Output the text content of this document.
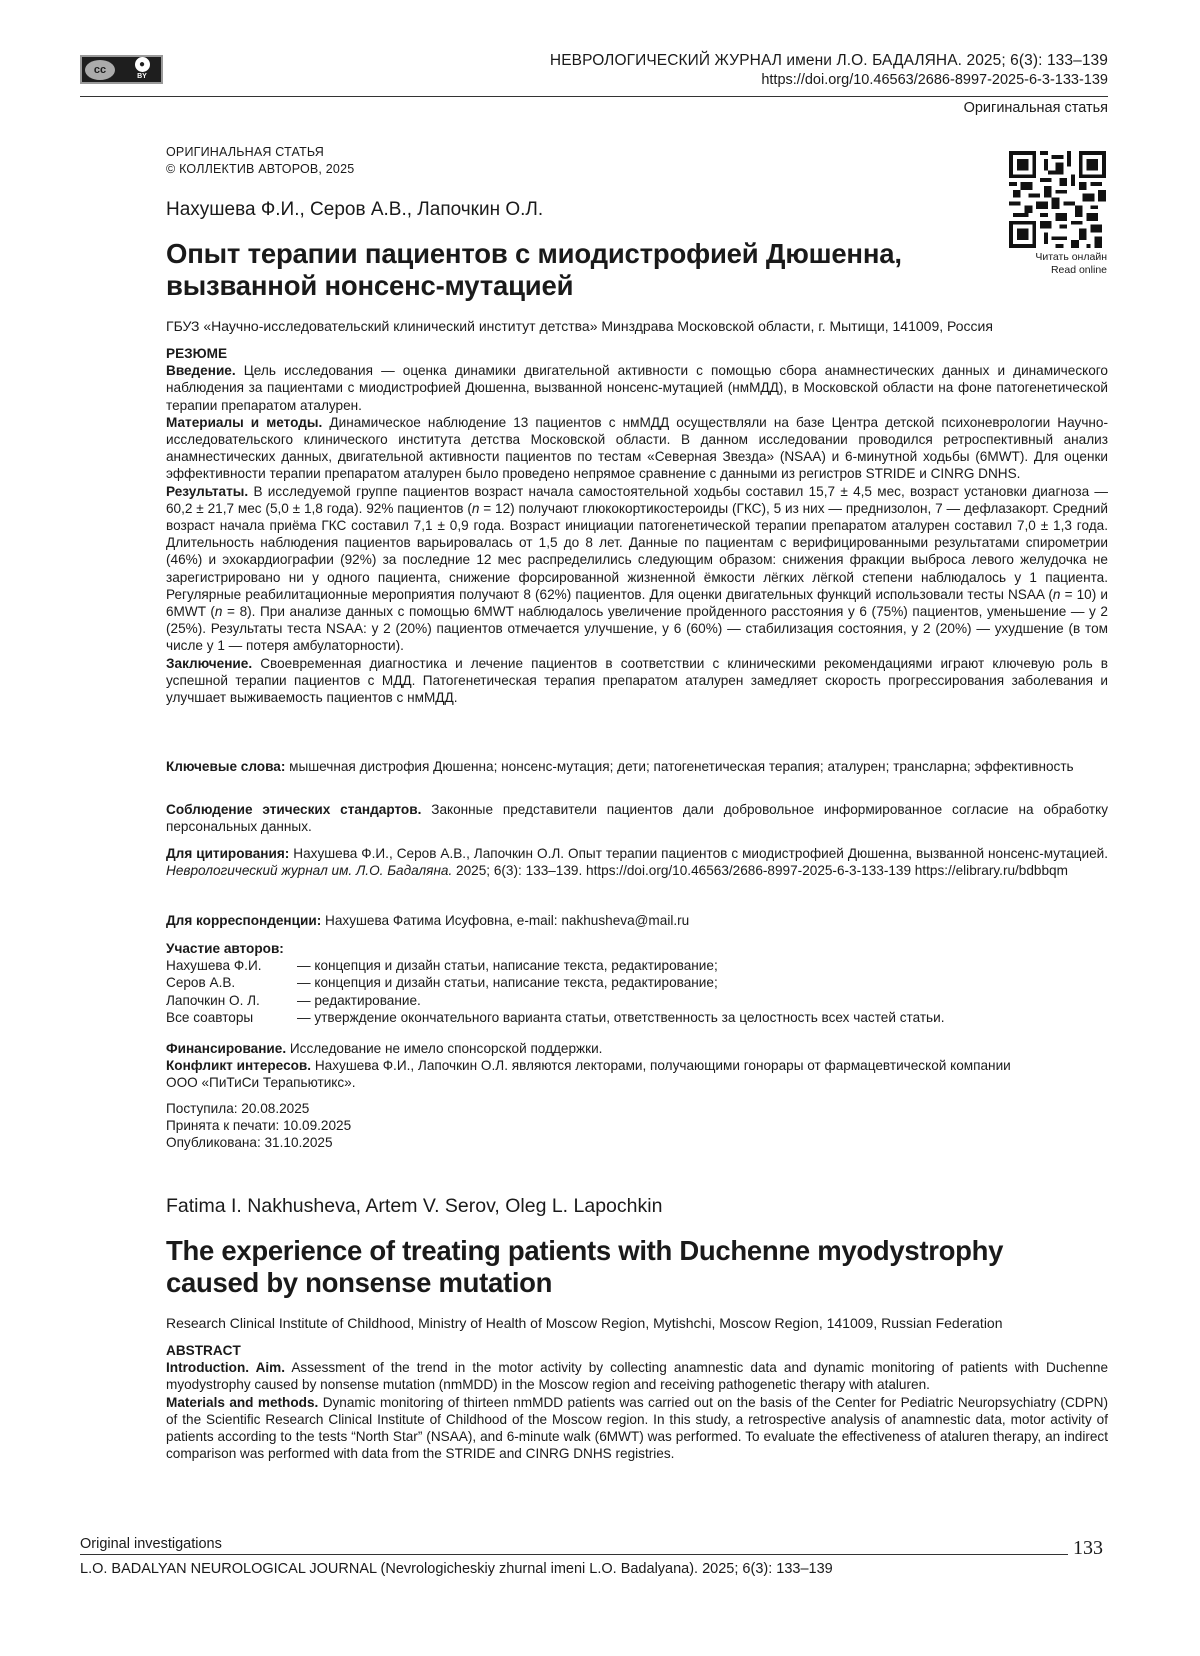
cc	●
BY
НЕВРОЛОГИЧЕСКИЙ ЖУРНАЛ имени Л.О. БАДАЛЯНА. 2025; 6(3): 133–139
https://doi.org/10.46563/2686-8997-2025-6-3-133-139
Оригинальная статья
ОРИГИНАЛЬНАЯ СТАТЬЯ
© КОЛЛЕКТИВ АВТОРОВ, 2025
Читать онлайн
Read online
Нахушева Ф.И., Серов А.В., Лапочкин О.Л.
Опыт терапии пациентов с миодистрофией Дюшенна,
вызванной нонсенс-мутацией
ГБУЗ «Научно-исследовательский клинический институт детства» Минздрава Московской области, г. Мытищи, 141009, Россия
РЕЗЮМЕ
Введение. Цель исследования — оценка динамики двигательной активности с помощью сбора анамнестических данных и динамического наблюдения за пациентами с миодистрофией Дюшенна, вызванной нонсенс-мутацией (нмМДД), в Московской области на фоне патогенетической терапии препаратом аталурен.
Материалы и методы. Динамическое наблюдение 13 пациентов с нмМДД осуществляли на базе Центра детской психоневрологии Научно-исследовательского клинического института детства Московской области. В данном исследовании проводился ретроспективный анализ анамнестических данных, двигательной активности пациентов по тестам «Северная Звезда» (NSAA) и 6-минутной ходьбы (6MWT). Для оценки эффективности терапии препаратом аталурен было проведено непрямое сравнение с данными из регистров STRIDE и CINRG DNHS.
Результаты. В исследуемой группе пациентов возраст начала самостоятельной ходьбы составил 15,7 ± 4,5 мес, возраст установки диагноза — 60,2 ± 21,7 мес (5,0 ± 1,8 года). 92% пациентов (n = 12) получают глюкокортикостероиды (ГКС), 5 из них — преднизолон, 7 — дефлазакорт. Средний возраст начала приёма ГКС составил 7,1 ± 0,9 года. Возраст инициации патогенетической терапии препаратом аталурен составил 7,0 ± 1,3 года. Длительность наблюдения пациентов варьировалась от 1,5 до 8 лет. Данные по пациентам с верифицированными результатами спирометрии (46%) и эхокардиографии (92%) за последние 12 мес распределились следующим образом: снижения фракции выброса левого желудочка не зарегистрировано ни у одного пациента, снижение форсированной жизненной ёмкости лёгких лёгкой степени наблюдалось у 1 пациента. Регулярные реабилитационные мероприятия получают 8 (62%) пациентов. Для оценки двигательных функций использовали тесты NSAA (n = 10) и 6MWT (n = 8). При анализе данных с помощью 6MWT наблюдалось увеличение пройденного расстояния у 6 (75%) пациентов, уменьшение — у 2 (25%). Результаты теста NSAA: у 2 (20%) пациентов отмечается улучшение, у 6 (60%) — стабилизация состояния, у 2 (20%) — ухудшение (в том числе у 1 — потеря амбулаторности).
Заключение. Своевременная диагностика и лечение пациентов в соответствии с клиническими рекомендациями играют ключевую роль в успешной терапии пациентов с МДД. Патогенетическая терапия препаратом аталурен замедляет скорость прогрессирования заболевания и улучшает выживаемость пациентов с нмМДД.
Ключевые слова: мышечная дистрофия Дюшенна; нонсенс-мутация; дети; патогенетическая терапия; аталурен; трансларна; эффективность
Соблюдение этических стандартов. Законные представители пациентов дали добровольное информированное согласие на обработку персональных данных.
Для цитирования: Нахушева Ф.И., Серов А.В., Лапочкин О.Л. Опыт терапии пациентов с миодистрофией Дюшенна, вызванной нонсенс-мутацией. Неврологический журнал им. Л.О. Бадаляна. 2025; 6(3): 133–139. https://doi.org/10.46563/2686-8997-2025-6-3-133-139 https://elibrary.ru/bdbbqm
Для корреспонденции: Нахушева Фатима Исуфовна, e-mail: nakhusheva@mail.ru
Участие авторов:
Нахушева Ф.И.	— концепция и дизайн статьи, написание текста, редактирование;
Серов А.В.	— концепция и дизайн статьи, написание текста, редактирование;
Лапочкин О. Л.	— редактирование.
Все соавторы	— утверждение окончательного варианта статьи, ответственность за целостность всех частей статьи.
Финансирование. Исследование не имело спонсорской поддержки.
Конфликт интересов. Нахушева Ф.И., Лапочкин О.Л. являются лекторами, получающими гонорары от фармацевтической компании ООО «ПиТиСи Терапьютикс».
Поступила: 20.08.2025
Принята к печати: 10.09.2025
Опубликована: 31.10.2025
Fatima I. Nakhusheva, Artem V. Serov, Oleg L. Lapochkin
The experience of treating patients with Duchenne myodystrophy
caused by nonsense mutation
Research Clinical Institute of Childhood, Ministry of Health of Moscow Region, Mytishchi, Moscow Region, 141009, Russian Federation
ABSTRACT
Introduction. Aim. Assessment of the trend in the motor activity by collecting anamnestic data and dynamic monitoring of patients with Duchenne myodystrophy caused by nonsense mutation (nmMDD) in the Moscow region and receiving pathogenetic therapy with ataluren.
Materials and methods. Dynamic monitoring of thirteen nmMDD patients was carried out on the basis of the Center for Pediatric Neuropsychiatry (CDPN) of the Scientific Research Clinical Institute of Childhood of the Moscow region. In this study, a retrospective analysis of anamnestic data, motor activity of patients according to the tests “North Star” (NSAA), and 6-minute walk (6MWT) was performed. To evaluate the effectiveness of ataluren therapy, an indirect comparison was performed with data from the STRIDE and CINRG DNHS registries.
Original investigations	133
L.O. BADALYAN NEUROLOGICAL JOURNAL (Nevrologicheskiy zhurnal imeni L.O. Badalyana). 2025; 6(3): 133–139
